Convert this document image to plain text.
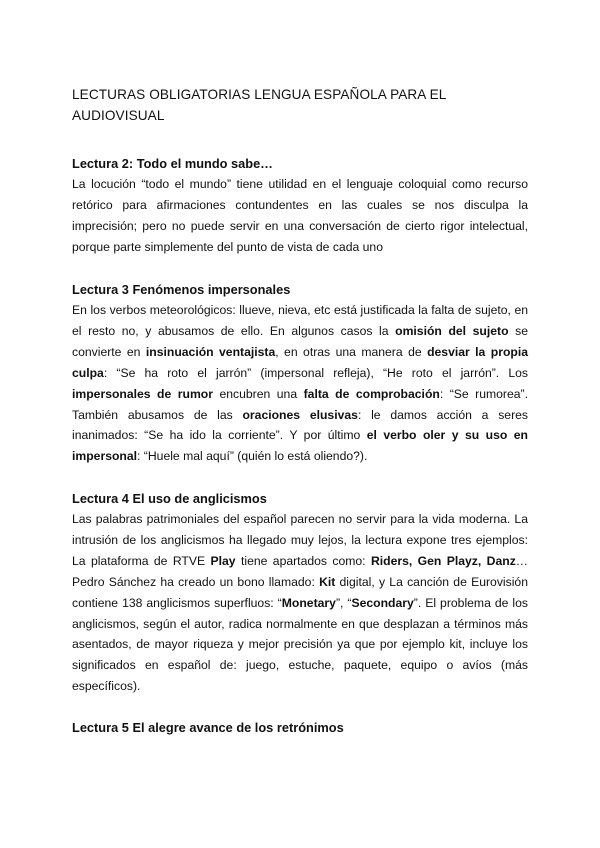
LECTURAS OBLIGATORIAS LENGUA ESPAÑOLA PARA EL AUDIOVISUAL
Lectura 2: Todo el mundo sabe…

La locución “todo el mundo” tiene utilidad en el lenguaje coloquial como recurso retórico para afirmaciones contundentes en las cuales se nos disculpa la imprecisión; pero no puede servir en una conversación de cierto rigor intelectual, porque parte simplemente del punto de vista de cada uno

Lectura 3 Fenómenos impersonales

En los verbos meteorológicos: llueve, nieva, etc está justificada la falta de sujeto, en el resto no, y abusamos de ello. En algunos casos la omisión del sujeto se convierte en insinuación ventajista, en otras una manera de desviar la propia culpa: “Se ha roto el jarrón” (impersonal refleja), “He roto el jarrón”. Los impersonales de rumor encubren una falta de comprobación: “Se rumorea”. También abusamos de las oraciones elusivas: le damos acción a seres inanimados: “Se ha ido la corriente”. Y por último el verbo oler y su uso en impersonal: “Huele mal aquí” (quién lo está oliendo?).

Lectura 4 El uso de anglicismos

Las palabras patrimoniales del español parecen no servir para la vida moderna. La intrusión de los anglicismos ha llegado muy lejos, la lectura expone tres ejemplos: La plataforma de RTVE Play tiene apartados como: Riders, Gen Playz, Danz… Pedro Sánchez ha creado un bono llamado: Kit digital, y La canción de Eurovisión contiene 138 anglicismos superfluos: “Monetary”, “Secondary”. El problema de los anglicismos, según el autor, radica normalmente en que desplazan a términos más asentados, de mayor riqueza y mejor precisión ya que por ejemplo kit, incluye los significados en español de: juego, estuche, paquete, equipo o avíos (más específicos).

Lectura 5 El alegre avance de los retrónimos
